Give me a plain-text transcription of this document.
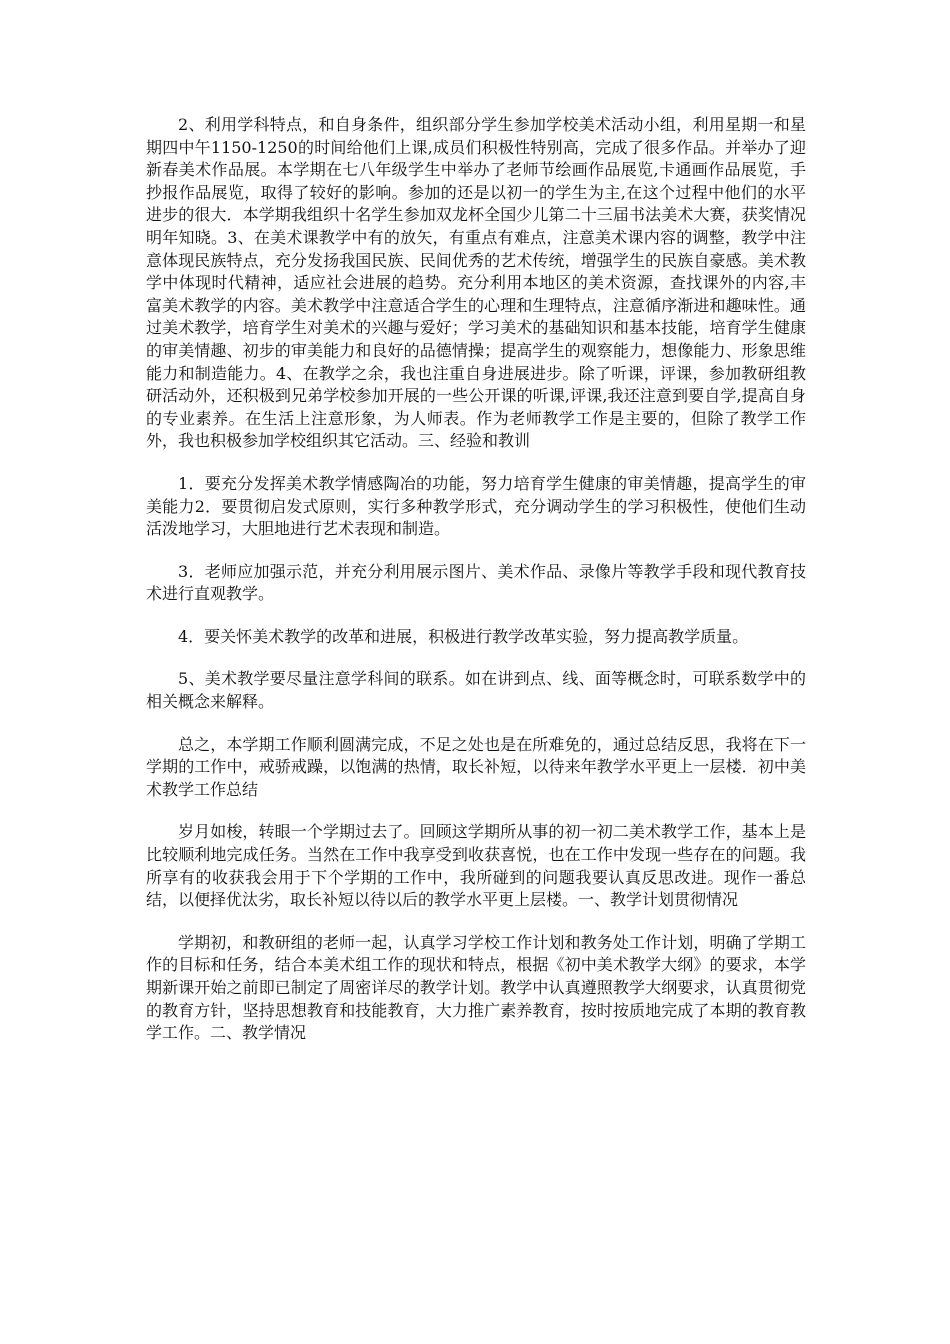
2、利用学科特点，和自身条件，组织部分学生参加学校美术活动小组，利用星期一和星期四中午1150-1250的时间给他们上课,成员们积极性特别高，完成了很多作品。并举办了迎新春美术作品展。本学期在七八年级学生中举办了老师节绘画作品展览,卡通画作品展览，手抄报作品展览，取得了较好的影响。参加的还是以初一的学生为主,在这个过程中他们的水平进步的很大．本学期我组织十名学生参加双龙杯全国少儿第二十三届书法美术大赛，获奖情况明年知晓。3、在美术课教学中有的放矢，有重点有难点，注意美术课内容的调整，教学中注意体现民族特点，充分发扬我国民族、民间优秀的艺术传统，增强学生的民族自豪感。美术教学中体现时代精神，适应社会进展的趋势。充分利用本地区的美术资源，查找课外的内容,丰富美术教学的内容。美术教学中注意适合学生的心理和生理特点，注意循序渐进和趣味性。通过美术教学，培育学生对美术的兴趣与爱好；学习美术的基础知识和基本技能，培育学生健康的审美情趣、初步的审美能力和良好的品德情操；提高学生的观察能力，想像能力、形象思维能力和制造能力。4、在教学之余，我也注重自身进展进步。除了听课，评课，参加教研组教研活动外，还积极到兄弟学校参加开展的一些公开课的听课,评课,我还注意到要自学,提高自身的专业素养。在生活上注意形象，为人师表。作为老师教学工作是主要的，但除了教学工作外，我也积极参加学校组织其它活动。三、经验和教训

1．要充分发挥美术教学情感陶冶的功能，努力培育学生健康的审美情趣，提高学生的审美能力2．要贯彻启发式原则，实行多种教学形式，充分调动学生的学习积极性，使他们生动活泼地学习，大胆地进行艺术表现和制造。

3．老师应加强示范，并充分利用展示图片、美术作品、录像片等教学手段和现代教育技术进行直观教学。

4．要关怀美术教学的改革和进展，积极进行教学改革实验，努力提高教学质量。

5、美术教学要尽量注意学科间的联系。如在讲到点、线、面等概念时，可联系数学中的相关概念来解释。

总之，本学期工作顺利圆满完成，不足之处也是在所难免的，通过总结反思，我将在下一学期的工作中，戒骄戒躁，以饱满的热情，取长补短，以待来年教学水平更上一层楼．初中美术教学工作总结

岁月如梭，转眼一个学期过去了。回顾这学期所从事的初一初二美术教学工作，基本上是比较顺利地完成任务。当然在工作中我享受到收获喜悦，也在工作中发现一些存在的问题。我所享有的收获我会用于下个学期的工作中，我所碰到的问题我要认真反思改进。现作一番总结，以便择优汰劣，取长补短以待以后的教学水平更上层楼。一、教学计划贯彻情况

学期初，和教研组的老师一起，认真学习学校工作计划和教务处工作计划，明确了学期工作的目标和任务，结合本美术组工作的现状和特点，根据《初中美术教学大纲》的要求，本学期新课开始之前即已制定了周密详尽的教学计划。教学中认真遵照教学大纲要求，认真贯彻党的教育方针，坚持思想教育和技能教育，大力推广素养教育，按时按质地完成了本期的教育教学工作。二、教学情况
